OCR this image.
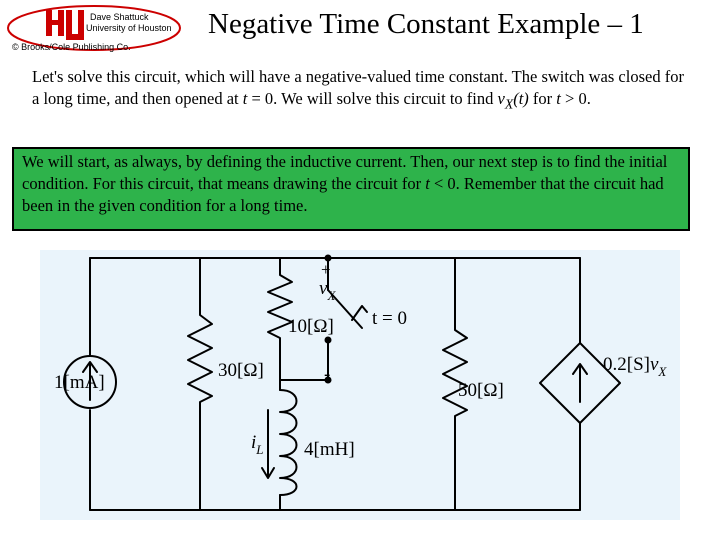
Dave Shattuck
University of Houston
© Brooks/Cole Publishing Co.
Negative Time Constant Example – 1
Let's solve this circuit, which will have a negative-valued time constant. The switch was closed for a long time, and then opened at t = 0. We will solve this circuit to find $v_X(t)$ for t > 0.
We will start, as always, by defining the inductive current. Then, our next step is to find the initial condition. For this circuit, that means drawing the circuit for t < 0. Remember that the circuit had been in the given condition for a long time.
1[mA]
30[Ω]
10[Ω]
50[Ω]
4[mH]
$i_L$
+
-
$v_X$
t = 0
$0.2[S]v_X$
